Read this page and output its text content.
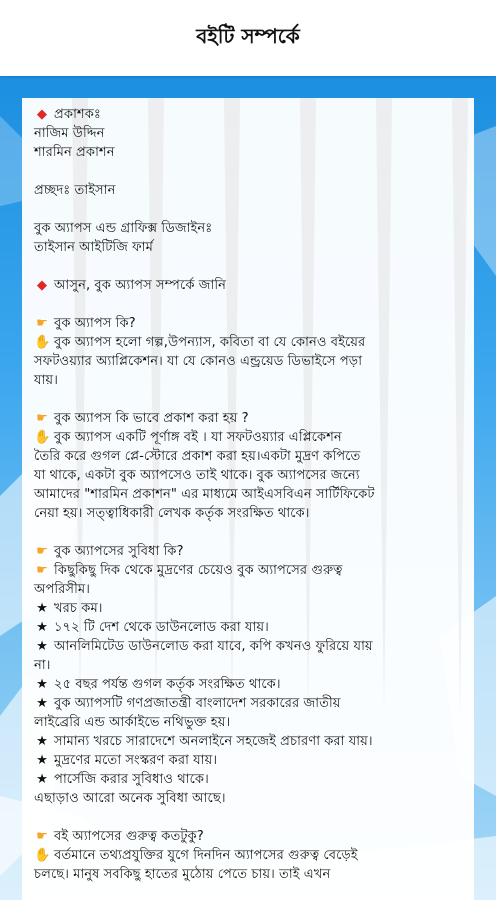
বইটি সম্পর্কে
◆ প্রকাশকঃ
নাজিম উদ্দিন
শারমিন প্রকাশন
প্রচ্ছদঃ তাইসান
বুক অ্যাপস এন্ড গ্রাফিক্স ডিজাইনঃ
তাইসান আইটিজি ফার্ম
◆ আসুন, বুক অ্যাপস সম্পর্কে জানি
☛ বুক অ্যাপস কি?
✋ বুক অ্যাপস হলো গল্প,উপন্যাস, কবিতা বা যে কোনও বইয়ের
সফটওয়্যার অ্যাপ্লিকেশন। যা যে কোনও এন্ড্রয়েড ডিভাইসে পড়া
যায়।
☛ বুক অ্যাপস কি ভাবে প্রকাশ করা হয় ?
✋ বুক অ্যাপস একটি পূর্ণাঙ্গ বই । যা সফটওয়্যার এপ্লিকেশন
তৈরি করে গুগল প্লে-স্টোরে প্রকাশ করা হয়।একটা মুদ্রণ কপিতে
যা থাকে, একটা বুক অ্যাপসেও তাই থাকে। বুক অ্যাপসের জন্যে
আমাদের "শারমিন প্রকাশন" এর মাধ্যমে আইএসবিএন সার্টিফিকেট
নেয়া হয়। সত্ত্বাধিকারী লেখক কর্তৃক সংরক্ষিত থাকে।
☛ বুক অ্যাপসের সুবিধা কি?
☛ কিছুকিছু দিক থেকে মুদ্রণের চেয়েও বুক অ্যাপসের গুরুত্ব
অপরিসীম।
★ খরচ কম।
★ ১৭২ টি দেশ থেকে ডাউনলোড করা যায়।
★ আনলিমিটেড ডাউনলোড করা যাবে, কপি কখনও ফুরিয়ে যায়
না।
★ ২৫ বছর পর্যন্ত গুগল কর্তৃক সংরক্ষিত থাকে।
★ বুক অ্যাপসটি গণপ্রজাতন্ত্রী বাংলাদেশ সরকারের জাতীয়
লাইব্রেরি এন্ড আর্কাইভে নথিভুক্ত হয়।
★ সামান্য খরচে সারাদেশে অনলাইনে সহজেই প্রচারণা করা যায়।
★ মুদ্রণের মতো সংস্করণ করা যায়।
★ পার্সেজি করার সুবিধাও থাকে।
এছাড়াও আরো অনেক সুবিধা আছে।
☛ বই অ্যাপসের গুরুত্ব কতটুকু?
✋ বর্তমানে তথ্যপ্রযুক্তির যুগে দিনদিন অ্যাপসের গুরুত্ব বেড়েই
চলছে। মানুষ সবকিছু হাতের মুঠোয় পেতে চায়। তাই এখন
